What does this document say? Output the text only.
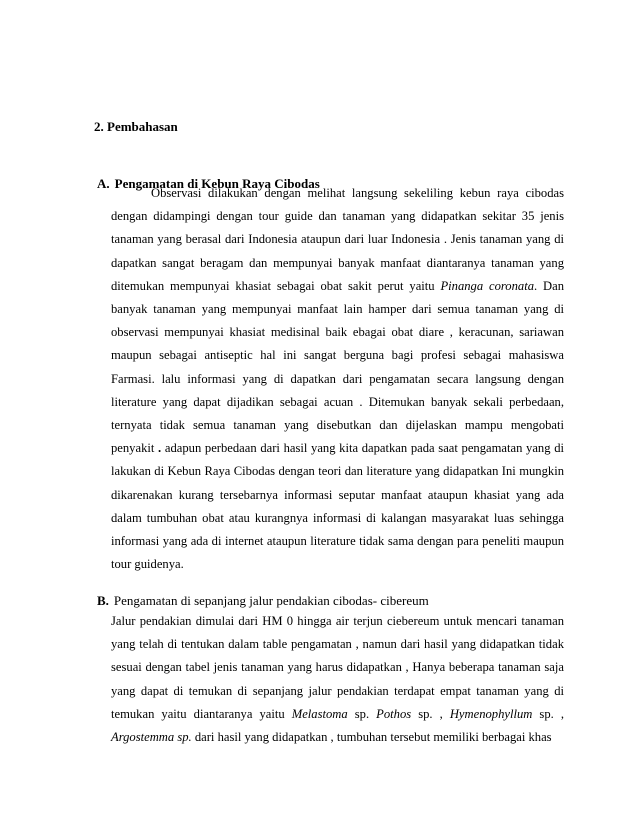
2. Pembahasan
A. Pengamatan di Kebun Raya Cibodas

Observasi dilakukan dengan melihat langsung sekeliling kebun raya cibodas dengan didampingi dengan tour guide dan tanaman yang didapatkan sekitar 35 jenis tanaman yang berasal dari Indonesia ataupun dari luar Indonesia . Jenis tanaman yang di dapatkan sangat beragam dan mempunyai banyak manfaat diantaranya tanaman yang ditemukan mempunyai khasiat sebagai obat sakit perut yaitu Pinanga coronata. Dan banyak tanaman yang mempunyai manfaat lain hamper dari semua tanaman yang di observasi mempunyai khasiat medisinal baik ebagai obat diare , keracunan, sariawan maupun sebagai antiseptic hal ini sangat berguna bagi profesi sebagai mahasiswa Farmasi. lalu informasi yang di dapatkan dari pengamatan secara langsung dengan literature yang dapat dijadikan sebagai acuan . Ditemukan banyak sekali perbedaan, ternyata tidak semua tanaman yang disebutkan dan dijelaskan mampu mengobati penyakit . adapun perbedaan dari hasil yang kita dapatkan pada saat pengamatan yang di lakukan di Kebun Raya Cibodas dengan teori dan literature yang didapatkan Ini mungkin dikarenakan kurang tersebarnya informasi seputar manfaat ataupun khasiat yang ada dalam tumbuhan obat atau kurangnya informasi di kalangan masyarakat luas sehingga informasi yang ada di internet ataupun literature tidak sama dengan para peneliti maupun tour guidenya.

B. Pengamatan di sepanjang jalur pendakian cibodas- cibereum

Jalur pendakian dimulai dari HM 0 hingga air terjun ciebereum untuk mencari tanaman yang telah di tentukan dalam table pengamatan , namun dari hasil yang didapatkan tidak sesuai dengan tabel jenis tanaman yang harus didapatkan , Hanya beberapa tanaman saja yang dapat di temukan di sepanjang jalur pendakian terdapat empat tanaman yang di temukan yaitu diantaranya yaitu Melastoma sp. Pothos sp. , Hymenophyllum sp. , Argostemma sp. dari hasil yang didapatkan , tumbuhan tersebut memiliki berbagai khas
